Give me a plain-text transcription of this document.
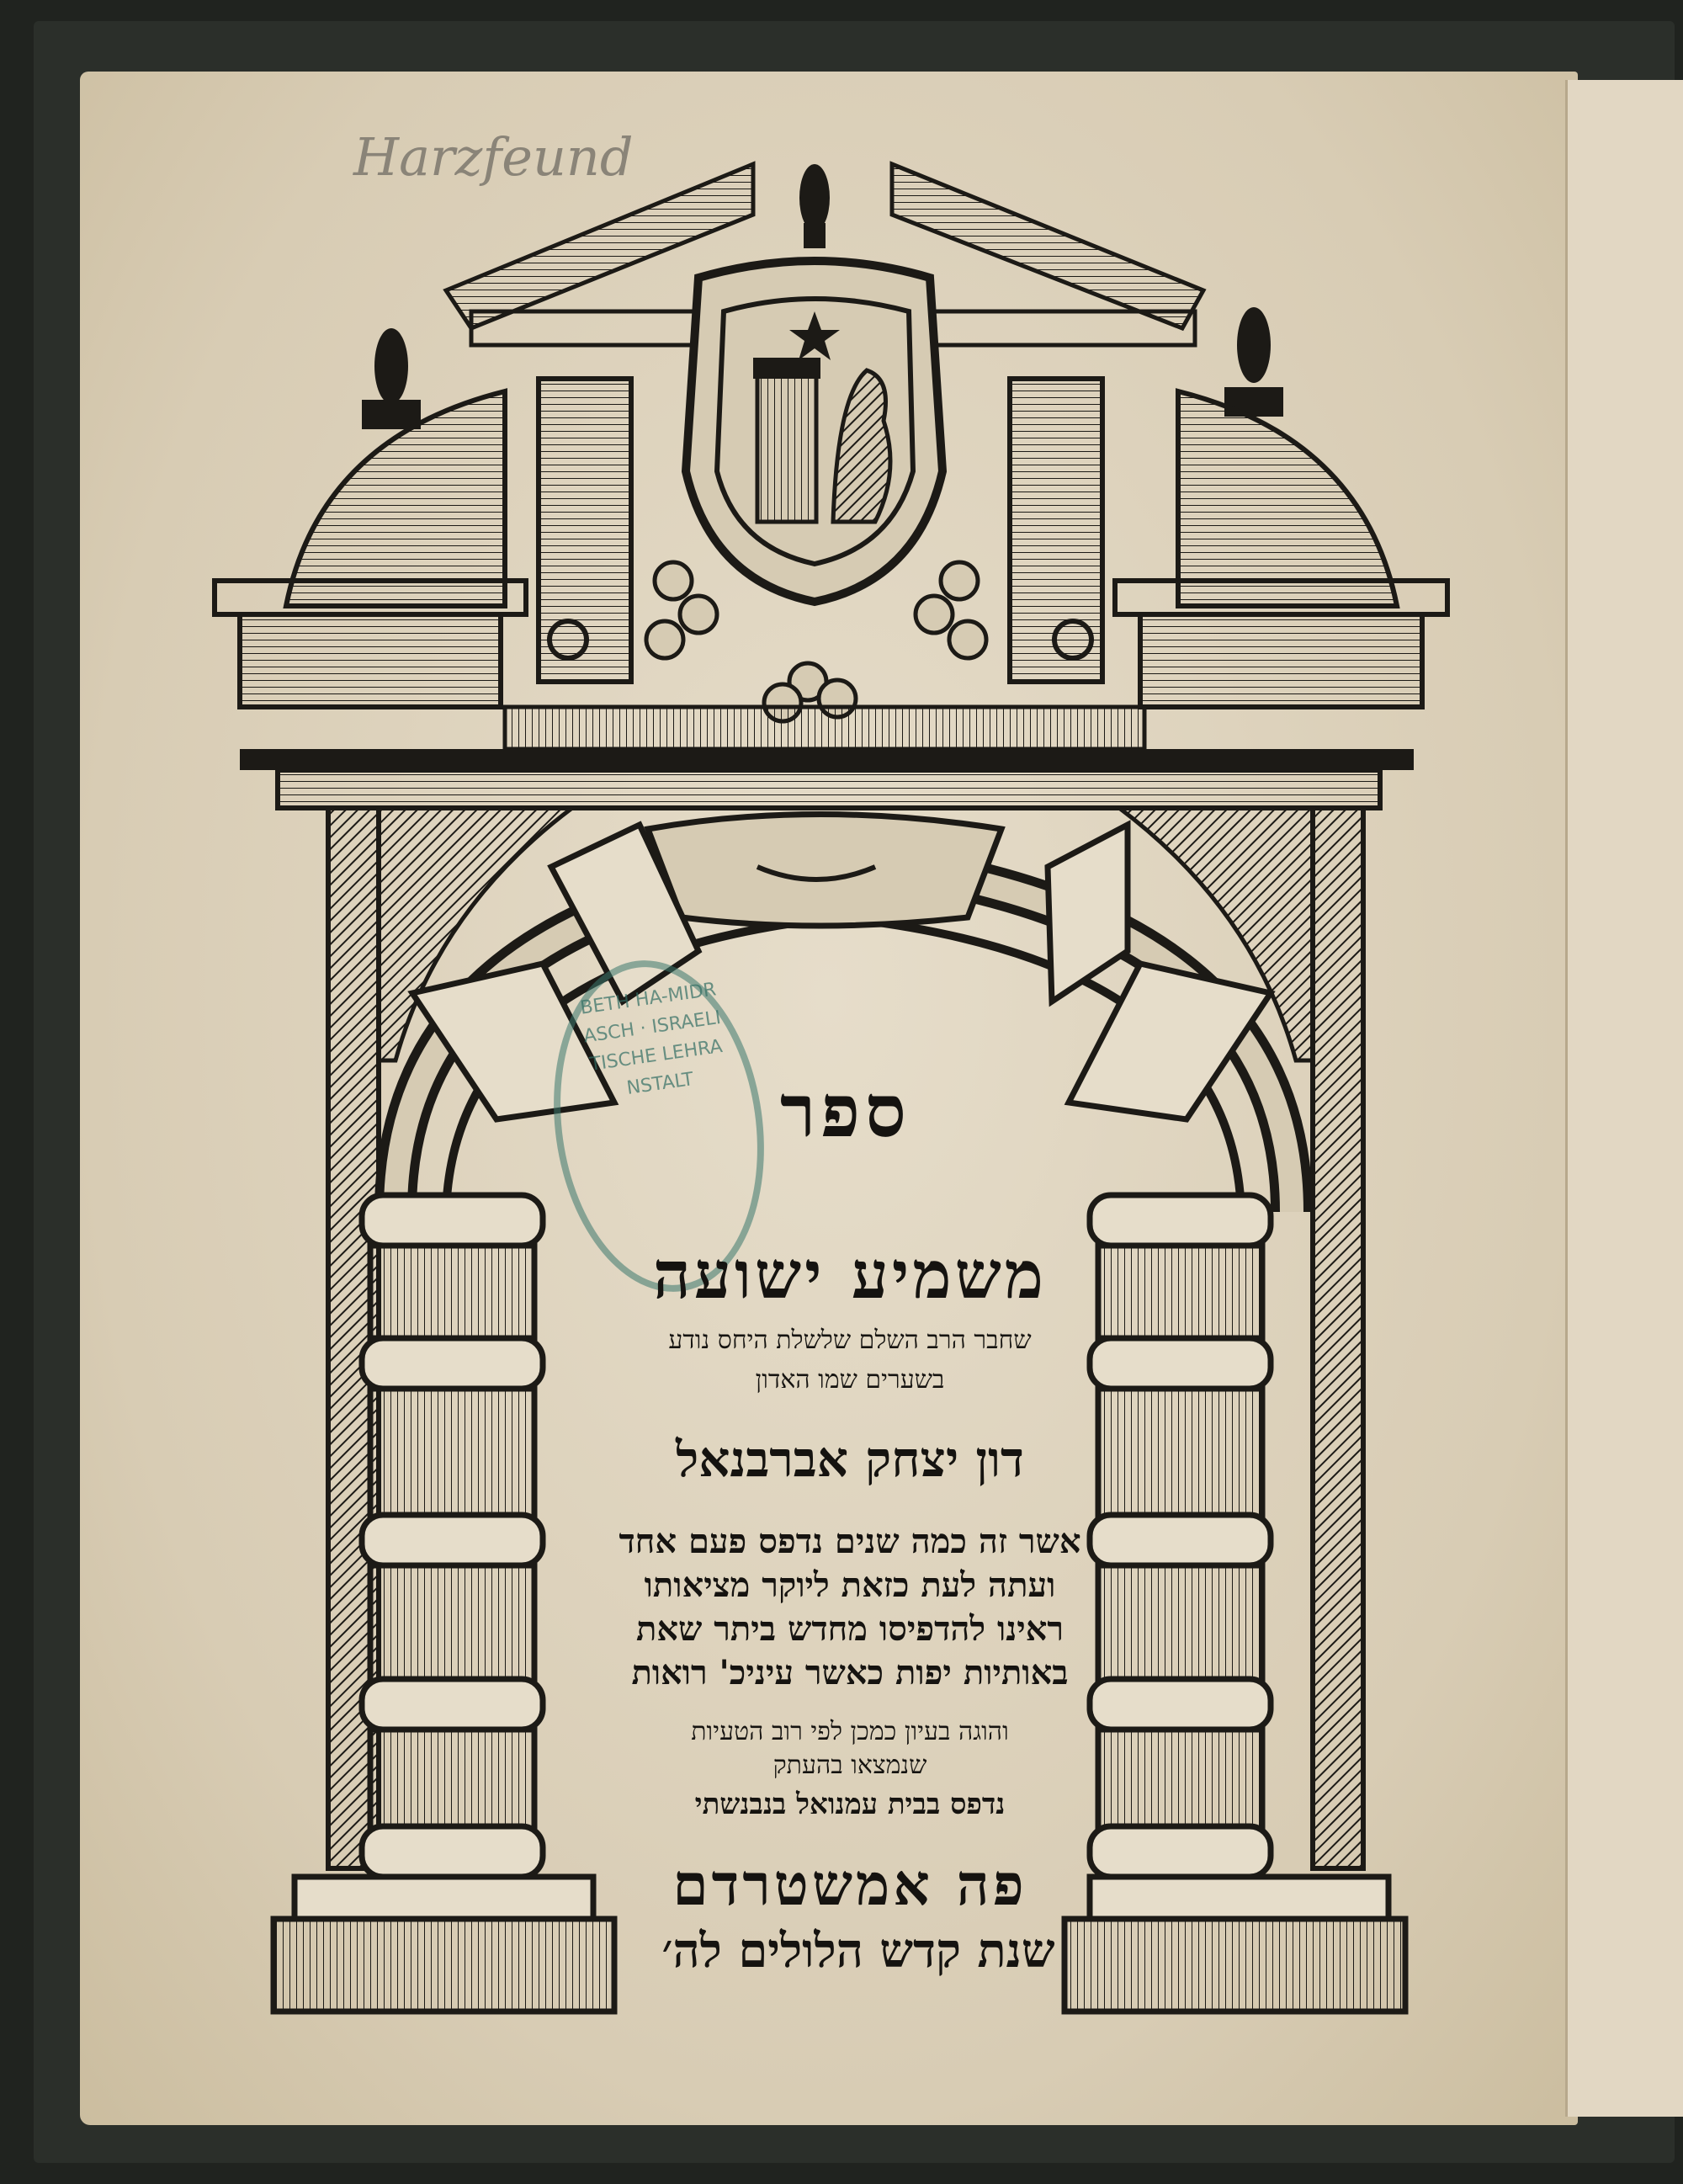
Harzfeund
BETH HA-MIDRASCH · ISRAELITISCHE LEHRANSTALT	ספר
משמיע ישועה
שחבר הרב השלם שלשלת היחס נודע
בשערים שמו האדון
דון יצחק אברבנאל
אשר זה כמה שנים נדפס פעם אחד
ועתה לעת כזאת ליוקר מציאותו
ראינו להדפיסו מחדש ביתר שאת
באותיות יפות כאשר עיניכ' רואות
והוגה בעיון כמכן לפי רוב הטעיות
שנמצאו בהעתק
נדפס בבית עמנואל בנבנשתי
פה אמשטרדם
שנת קדש הלולים לה׳
